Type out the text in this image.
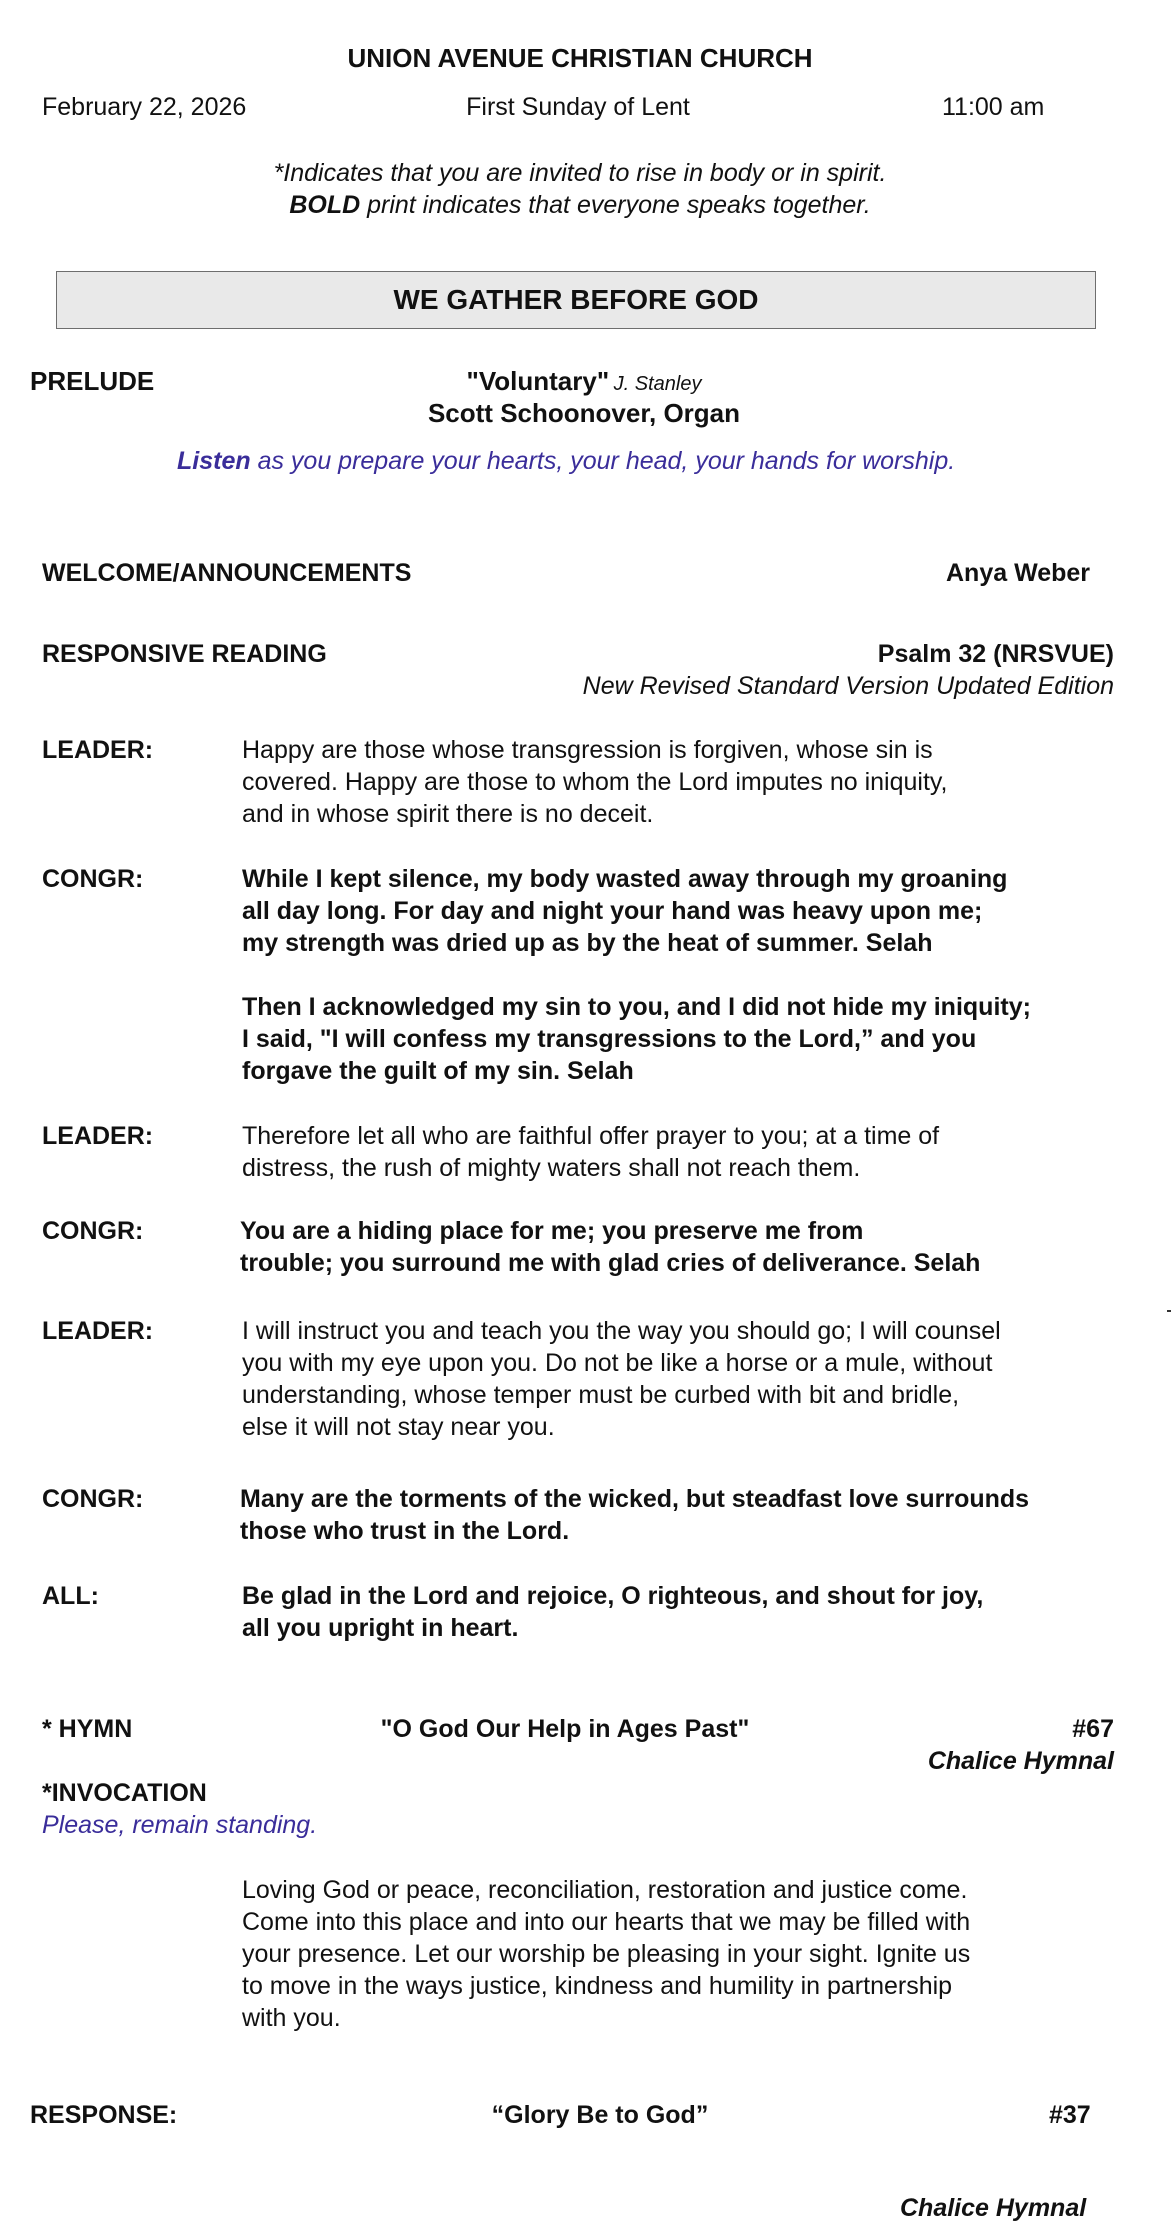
UNION AVENUE CHRISTIAN CHURCH
February 22, 2026	First Sunday of Lent	11:00 am
*Indicates that you are invited to rise in body or in spirit.
BOLD print indicates that everyone speaks together.
WE GATHER BEFORE GOD
PRELUDE	"Voluntary" J. Stanley
Scott Schoonover, Organ
Listen as you prepare your hearts, your head, your hands for worship.
WELCOME/ANNOUNCEMENTS	Anya Weber
RESPONSIVE READING	Psalm 32 (NRSVUE)
New Revised Standard Version Updated Edition
LEADER:	Happy are those whose transgression is forgiven, whose sin is
covered. Happy are those to whom the Lord imputes no iniquity,
and in whose spirit there is no deceit.
CONGR:	While I kept silence, my body wasted away through my groaning
all day long. For day and night your hand was heavy upon me;
my strength was dried up as by the heat of summer. Selah
Then I acknowledged my sin to you, and I did not hide my iniquity;
I said, "I will confess my transgressions to the Lord,” and you
forgave the guilt of my sin. Selah
LEADER:	Therefore let all who are faithful offer prayer to you; at a time of
distress, the rush of mighty waters shall not reach them.
CONGR:	You are a hiding place for me; you preserve me from
trouble; you surround me with glad cries of deliverance. Selah
LEADER:	I will instruct you and teach you the way you should go; I will counsel
you with my eye upon you. Do not be like a horse or a mule, without
understanding, whose temper must be curbed with bit and bridle,
else it will not stay near you.
CONGR:	Many are the torments of the wicked, but steadfast love surrounds
those who trust in the Lord.
ALL:	Be glad in the Lord and rejoice, O righteous, and shout for joy,
all you upright in heart.
* HYMN	"O God Our Help in Ages Past"	#67
Chalice Hymnal
*INVOCATION
Please, remain standing.
Loving God or peace, reconciliation, restoration and justice come.
Come into this place and into our hearts that we may be filled with
your presence. Let our worship be pleasing in your sight. Ignite us
to move in the ways justice, kindness and humility in partnership
with you.
RESPONSE:	“Glory Be to God”	#37
Chalice Hymnal
